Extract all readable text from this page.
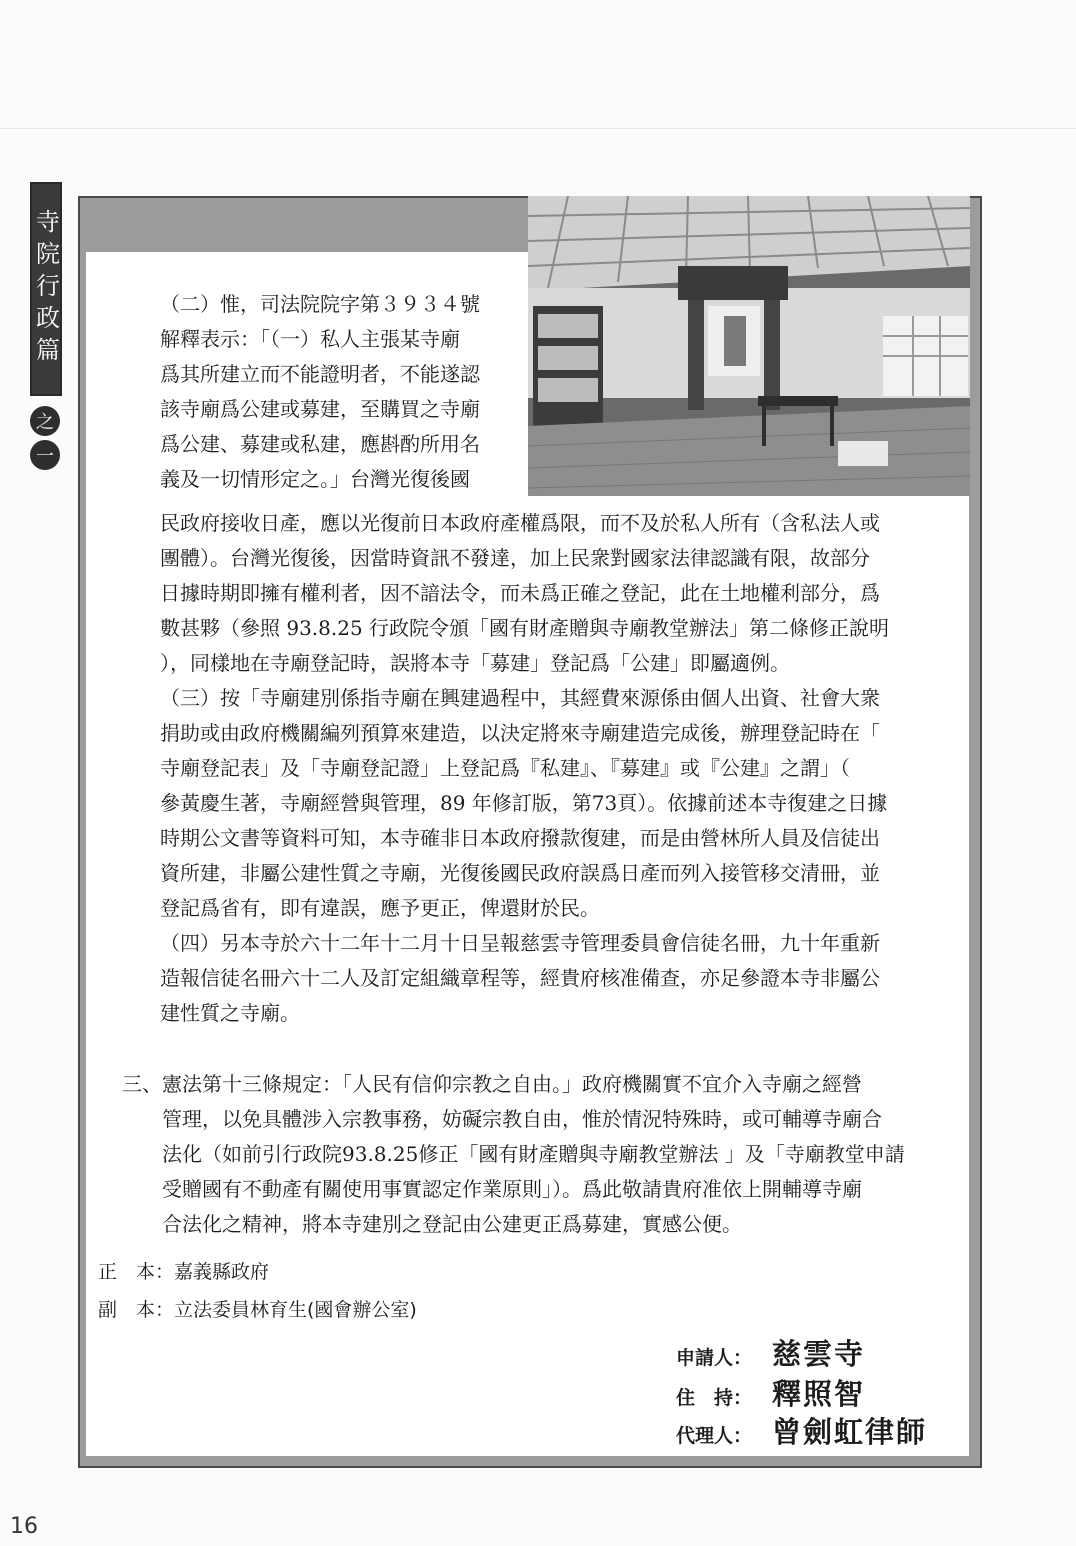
寺院行政篇
之
一

（二）惟，司法院院字第３９３４號

解釋表示：「（一）私人主張某寺廟

爲其所建立而不能證明者，不能遂認

該寺廟爲公建或募建，至購買之寺廟

爲公建、募建或私建，應斟酌所用名

義及一切情形定之。」台灣光復後國

民政府接收日產，應以光復前日本政府產權爲限，而不及於私人所有（含私法人或

團體）。台灣光復後，因當時資訊不發達，加上民衆對國家法律認識有限，故部分

日據時期即擁有權利者，因不諳法令，而未爲正確之登記，此在土地權利部分，爲

數甚夥（參照 93.8.25 行政院令頒「國有財產贈與寺廟教堂辦法」第二條修正說明

），同樣地在寺廟登記時，誤將本寺「募建」登記爲「公建」即屬適例。

（三）按「寺廟建別係指寺廟在興建過程中，其經費來源係由個人出資、社會大衆

捐助或由政府機關編列預算來建造，以決定將來寺廟建造完成後，辦理登記時在「

寺廟登記表」及「寺廟登記證」上登記爲『私建』、『募建』或『公建』之謂」（

參黃慶生著，寺廟經營與管理，89 年修訂版，第73頁）。依據前述本寺復建之日據

時期公文書等資料可知，本寺確非日本政府撥款復建，而是由營林所人員及信徒出

資所建，非屬公建性質之寺廟，光復後國民政府誤爲日產而列入接管移交清冊，並

登記爲省有，即有違誤，應予更正，俾還財於民。

（四）另本寺於六十二年十二月十日呈報慈雲寺管理委員會信徒名冊，九十年重新

造報信徒名冊六十二人及訂定組織章程等，經貴府核准備查，亦足參證本寺非屬公

建性質之寺廟。

三、憲法第十三條規定：「人民有信仰宗教之自由。」政府機關實不宜介入寺廟之經營

　　管理，以免具體涉入宗教事務，妨礙宗教自由，惟於情況特殊時，或可輔導寺廟合

　　法化（如前引行政院93.8.25修正「國有財產贈與寺廟教堂辦法 」及「寺廟教堂申請

　　受贈國有不動產有關使用事實認定作業原則」）。爲此敬請貴府准依上開輔導寺廟

　　合法化之精神，將本寺建別之登記由公建更正爲募建，實感公便。

正　本：嘉義縣政府
副　本：立法委員林育生(國會辦公室)
申請人： 慈雲寺
住　持： 釋照智
代理人： 曾劍虹律師
16
